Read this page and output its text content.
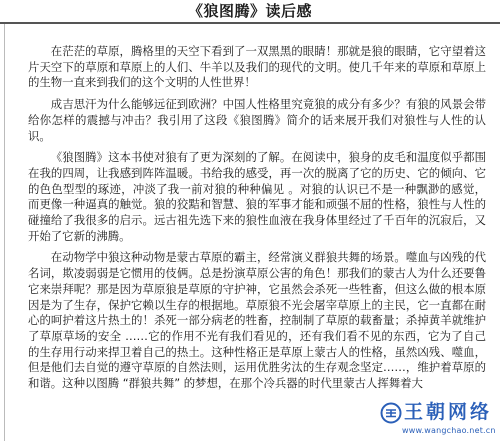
《狼图腾》读后感

在茫茫的草原，腾格里的天空下看到了一双黑黑的眼睛！那就是狼的眼睛，它守望着这片天空下的草原和草原上的人们、牛羊以及我们的现代的文明。使几千年来的草原和草原上的生物一直来到我们的这个文明的人性世界！

成吉思汗为什么能够远征到欧洲？中国人性格里究竟狼的成分有多少？有狼的风景会带给你怎样的震撼与冲击？我引用了这段《狼图腾》简介的话来展开我们对狼性与人性的认识。

《狼图腾》这本书使对狼有了更为深刻的了解。在阅读中，狼身的皮毛和温度似乎都围在我的四周，让我感到阵阵温暖。书给我的感受，再一次的脱离了它的历史、它的倾向、它的色色型型的琢迹，冲淡了我一前对狼的种种偏见 。对狼的认识已不是一种飘渺的感觉，而更像一种逼真的触觉。狼的狡黠和智慧、狼的军事才能和顽强不屈的性格，狼性与人性的碰撞给了我很多的启示。远古祖先选下来的狼性血液在我身体里经过了千百年的沉寂后，又开始了它新的沸腾。

在动物学中狼这种动物是蒙古草原的霸主，经常演义群狼共舞的场景。噬血与凶残的代名词，欺凌弱弱是它惯用的伎俩。总是扮演草原公害的角色！那我们的蒙古人为什么还要鲁它来崇拜呢？那是因为草原狼是草原的守护神，它虽然会杀死一些牲畜，但这么做的根本原因是为了生存，保护它赖以生存的根据地。草原狼不光会屠宰草原上的主民，它一直都在耐心的呵护着这片热土的！杀死一部分病老的牲畜，控制制了草原的载畜量；杀掉黄羊就维护了草原草场的安全 ……它的作用不光有我们看见的，还有我们看不见的东西，它为了自己的生存用行动来捍卫着自己的热土。这种性格正是草原上蒙古人的性格，虽然凶残、噬血，但是他们去自觉的遵守草原的自然法则，运用优胜劣汰的生存观念坚定……，维护着草原的和谐。这种以图腾 “群狼共舞” 的梦想，在那个冷兵器的时代里蒙古人挥舞着大

王朝网络
www.wangchao.net.cn
